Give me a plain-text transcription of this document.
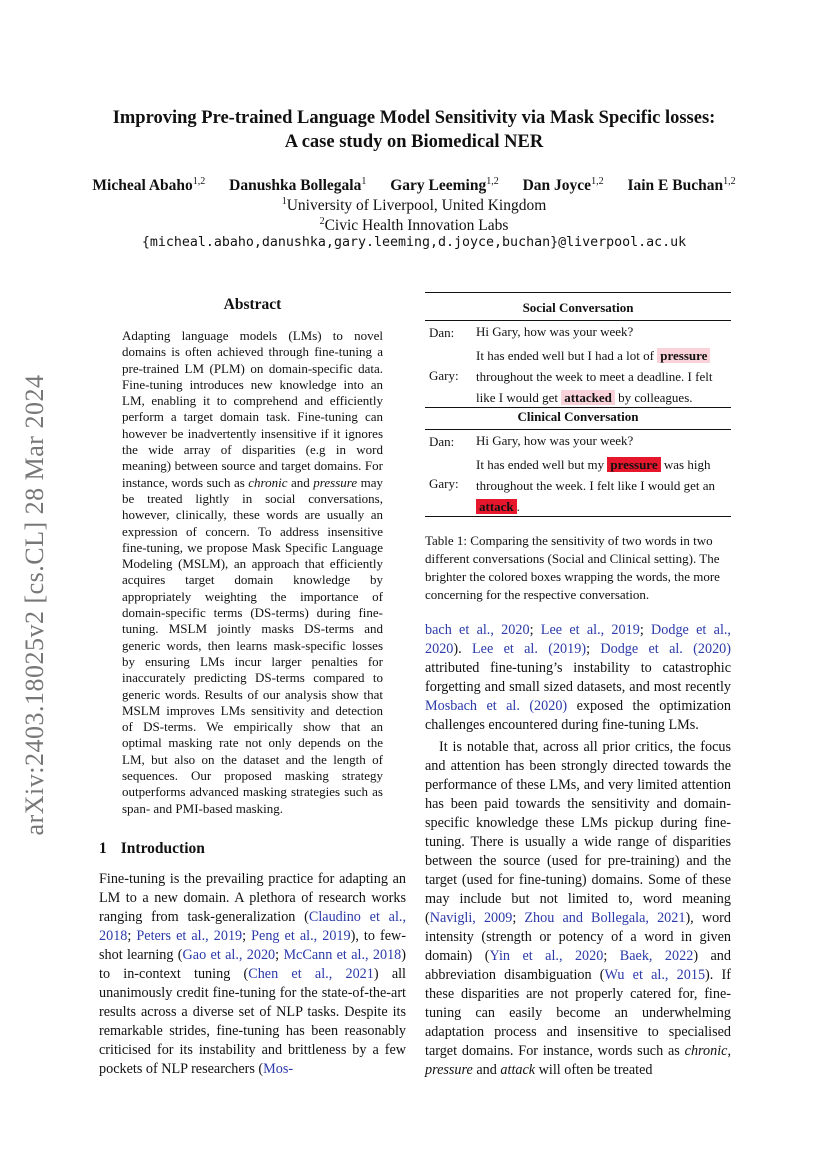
arXiv:2403.18025v2 [cs.CL] 28 Mar 2024
Improving Pre-trained Language Model Sensitivity via Mask Specific losses:
A case study on Biomedical NER
Micheal Abaho$^{1,2}$ Danushka Bollegala$^1$ Gary Leeming$^{1,2}$ Dan Joyce$^{1,2}$ Iain E Buchan$^{1,2}$
$^1$University of Liverpool, United Kingdom
$^2$Civic Health Innovation Labs
{micheal.abaho,danushka,gary.leeming,d.joyce,buchan}@liverpool.ac.uk
Abstract
Adapting language models (LMs) to novel domains is often achieved through fine-tuning a pre-trained LM (PLM) on domain-specific data. Fine-tuning introduces new knowledge into an LM, enabling it to comprehend and efficiently perform a target domain task. Fine-tuning can however be inadvertently insensitive if it ignores the wide array of disparities (e.g in word meaning) between source and target domains. For instance, words such as chronic and pressure may be treated lightly in social conversations, however, clinically, these words are usually an expression of concern. To address insensitive fine-tuning, we propose Mask Specific Language Modeling (MSLM), an approach that efficiently acquires target domain knowledge by appropriately weighting the importance of domain-specific terms (DS-terms) during fine-tuning. MSLM jointly masks DS-terms and generic words, then learns mask-specific losses by ensuring LMs incur larger penalties for inaccurately predicting DS-terms compared to generic words. Results of our analysis show that MSLM improves LMs sensitivity and detection of DS-terms. We empirically show that an optimal masking rate not only depends on the LM, but also on the dataset and the length of sequences. Our proposed masking strategy outperforms advanced masking strategies such as span- and PMI-based masking.
1 Introduction
Fine-tuning is the prevailing practice for adapting an LM to a new domain. A plethora of research works ranging from task-generalization (Claudino et al., 2018; Peters et al., 2019; Peng et al., 2019), to few-shot learning (Gao et al., 2020; McCann et al., 2018) to in-context tuning (Chen et al., 2021) all unanimously credit fine-tuning for the state-of-the-art results across a diverse set of NLP tasks. Despite its remarkable strides, fine-tuning has been reasonably criticised for its instability and brittleness by a few pockets of NLP researchers (Mos-
Social Conversation
Dan: Hi Gary, how was your week?
Gary:
It has ended well but I had a lot of pressure throughout the week to meet a deadline. I felt like I would get attacked by colleagues.
Clinical Conversation
Dan: Hi Gary, how was your week?
Gary:
It has ended well but my pressure was high throughout the week. I felt like I would get an attack .
Table 1: Comparing the sensitivity of two words in two different conversations (Social and Clinical setting). The brighter the colored boxes wrapping the words, the more concerning for the respective conversation.
bach et al., 2020; Lee et al., 2019; Dodge et al., 2020). Lee et al. (2019); Dodge et al. (2020) attributed fine-tuning’s instability to catastrophic forgetting and small sized datasets, and most recently Mosbach et al. (2020) exposed the optimization challenges encountered during fine-tuning LMs.
It is notable that, across all prior critics, the focus and attention has been strongly directed towards the performance of these LMs, and very limited attention has been paid towards the sensitivity and domain-specific knowledge these LMs pickup during fine-tuning. There is usually a wide range of disparities between the source (used for pre-training) and the target (used for fine-tuning) domains. Some of these may include but not limited to, word meaning (Navigli, 2009; Zhou and Bollegala, 2021), word intensity (strength or potency of a word in given domain) (Yin et al., 2020; Baek, 2022) and abbreviation disambiguation (Wu et al., 2015). If these disparities are not properly catered for, fine-tuning can easily become an underwhelming adaptation process and insensitive to specialised target domains. For instance, words such as chronic, pressure and attack will often be treated
